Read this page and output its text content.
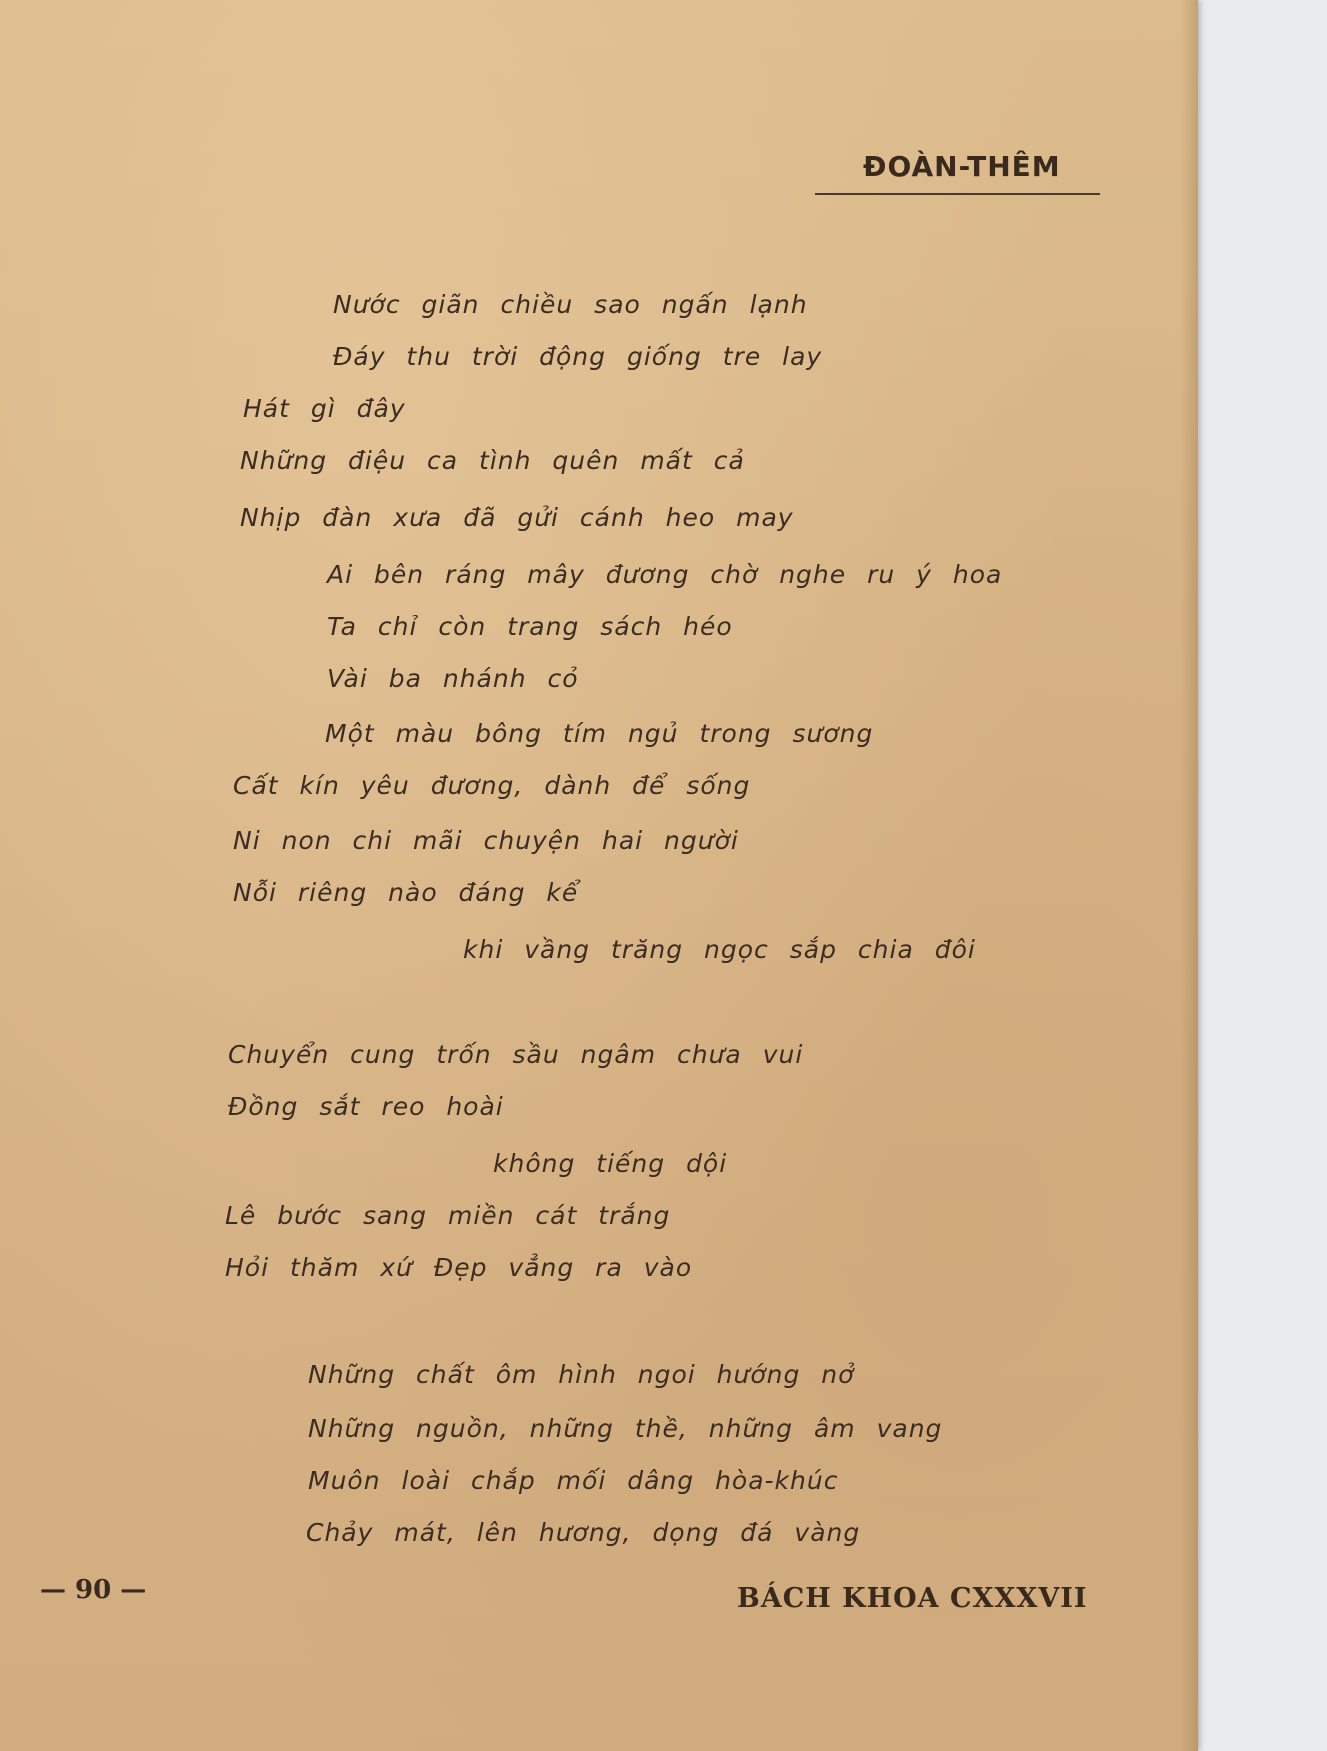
ĐOÀN-THÊM
Nước giãn chiều sao ngấn lạnh
Đáy thu trời động giống tre lay
Hát gì đây
Những điệu ca tình quên mất cả
Nhịp đàn xưa đã gửi cánh heo may
Ai bên ráng mây đương chờ nghe ru ý hoa
Ta chỉ còn trang sách héo
Vài ba nhánh cỏ
Một màu bông tím ngủ trong sương
Cất kín yêu đương, dành để sống
Ni non chi mãi chuyện hai người
Nỗi riêng nào đáng kể
khi vầng trăng ngọc sắp chia đôi
Chuyển cung trốn sầu ngâm chưa vui
Đồng sắt reo hoài
không tiếng dội
Lê bước sang miền cát trắng
Hỏi thăm xứ Đẹp vẳng ra vào
Những chất ôm hình ngoi hướng nở
Những nguồn, những thề, những âm vang
Muôn loài chắp mối dâng hòa-khúc
Chảy mát, lên hương, dọng đá vàng
— 90 —	BÁCH KHOA CXXXVII
